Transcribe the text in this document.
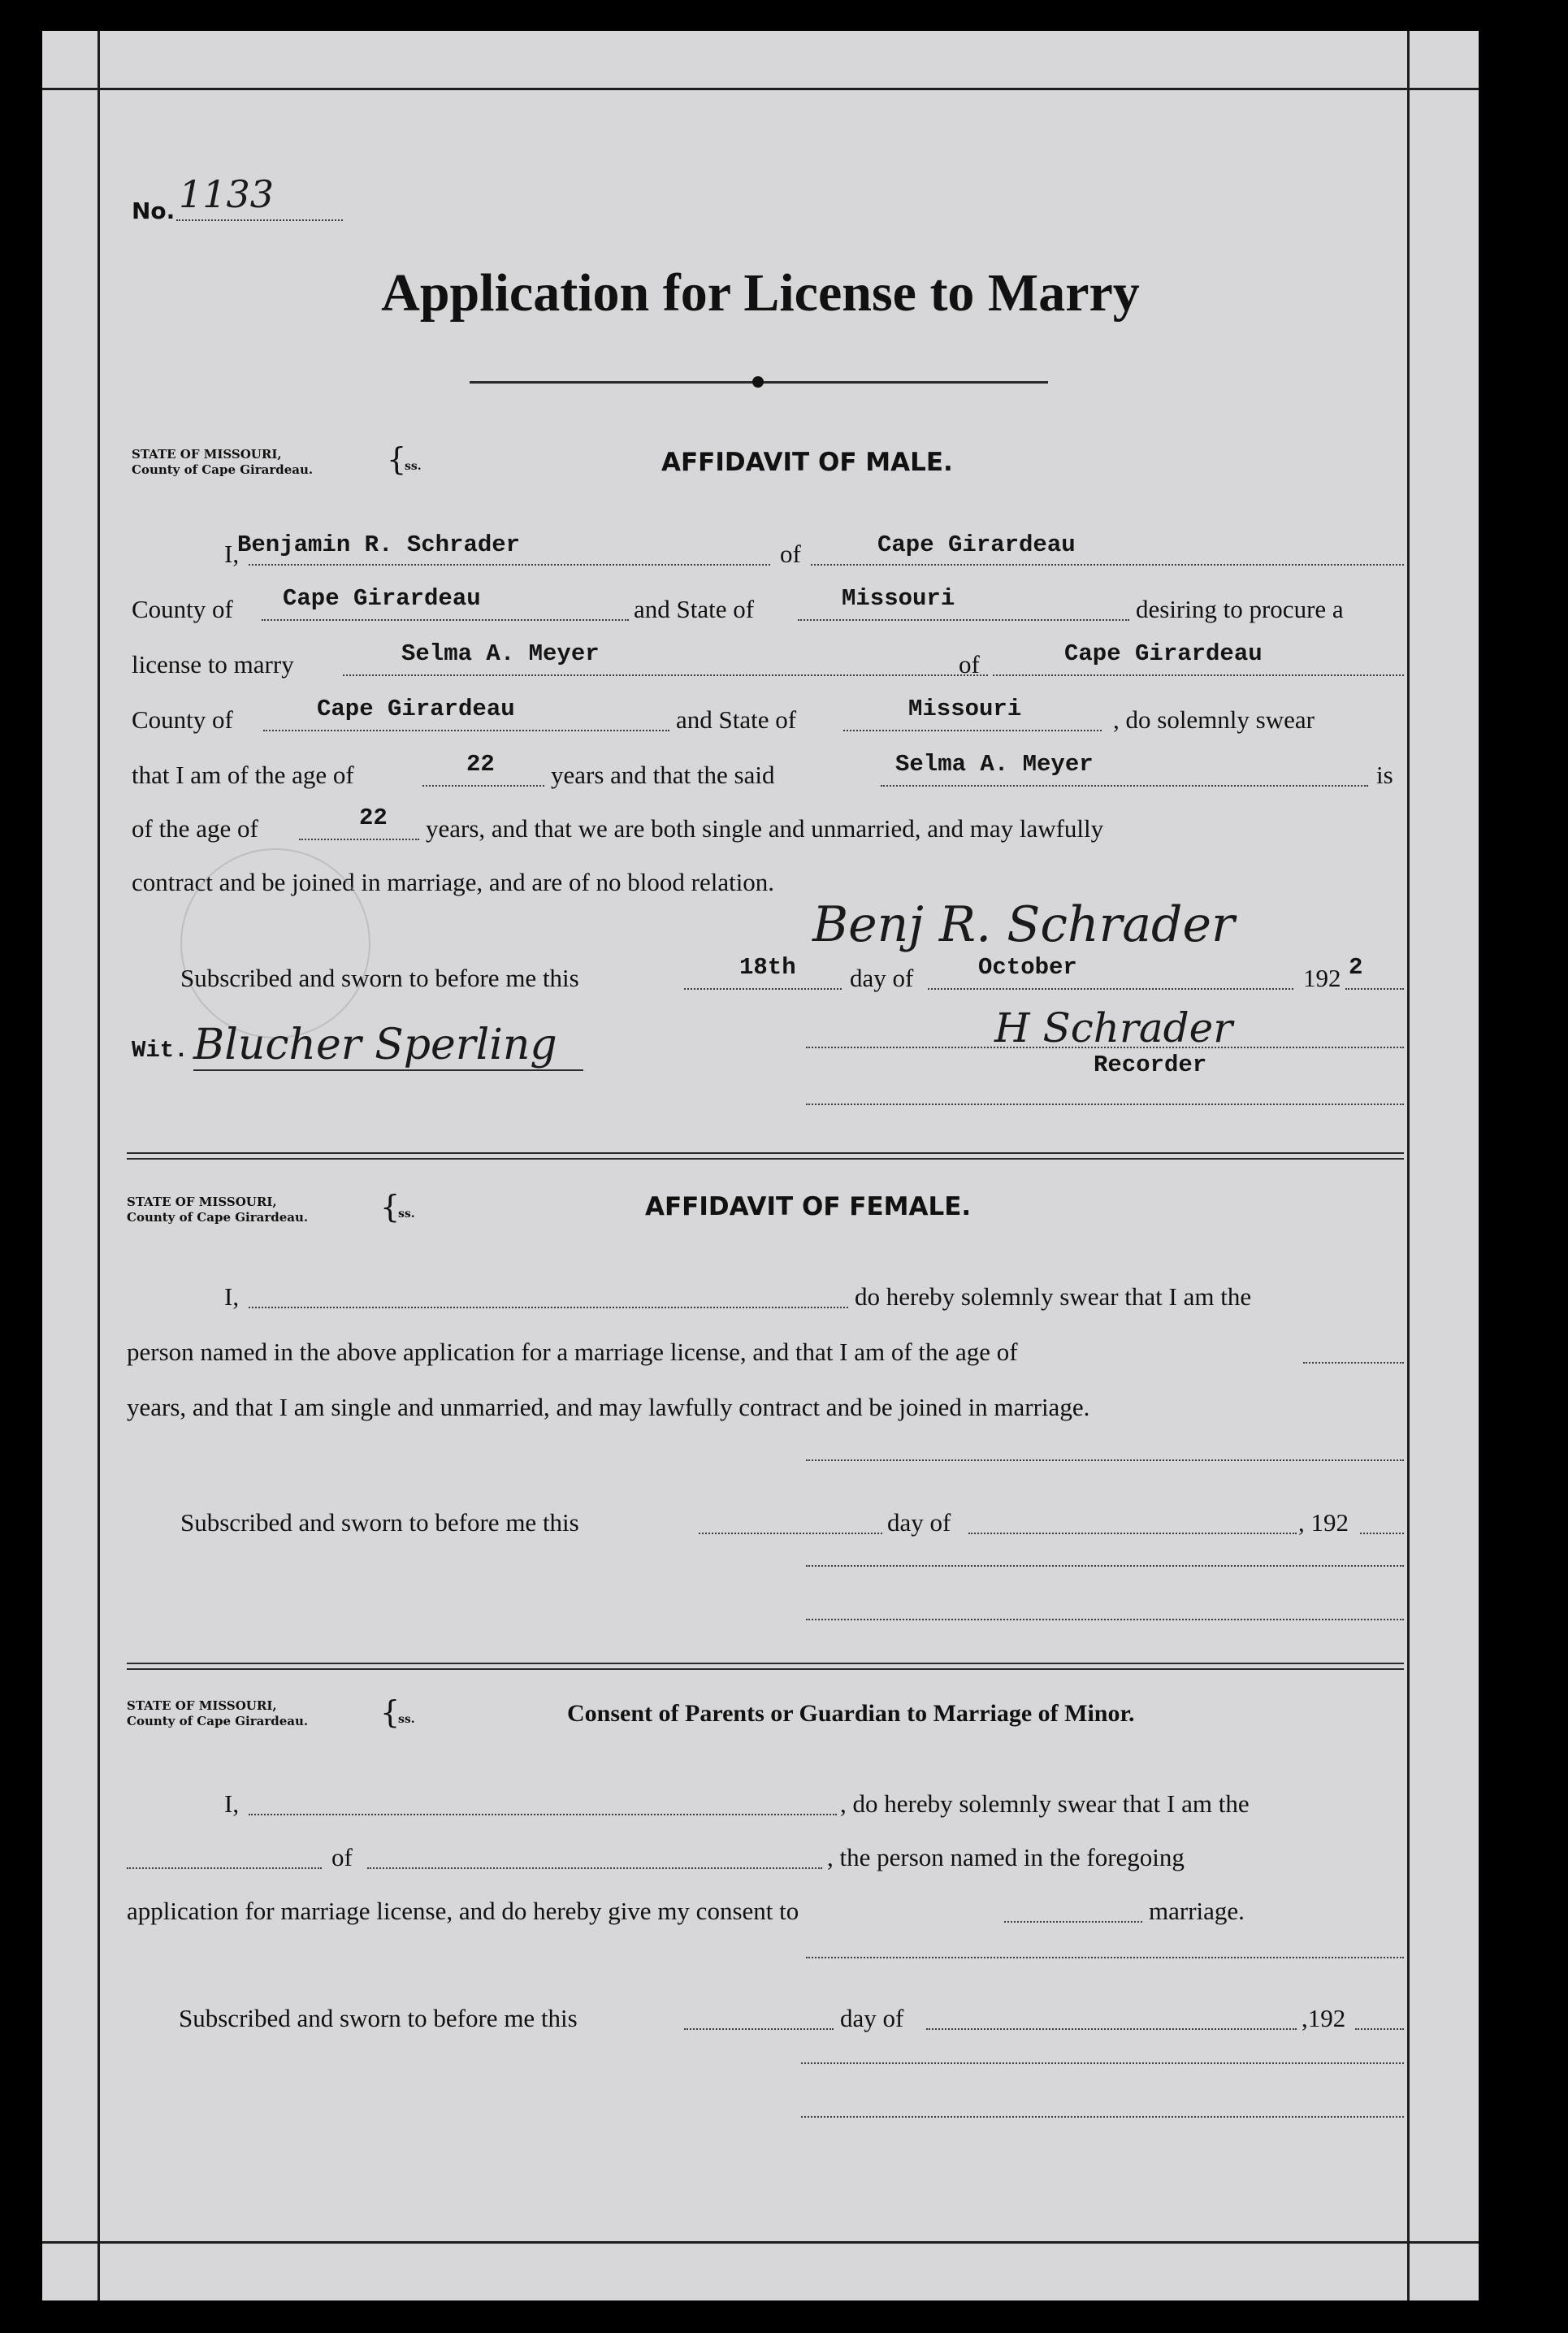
No. 1133
Application for License to Marry
STATE OF MISSOURI,
County of Cape Girardeau. {
ss.	AFFIDAVIT OF MALE.
I,
Benjamin R. Schrader	of	Cape Girardeau
County of Cape Girardeau	and State of	Missouri	desiring to procure a
license to marry	Selma A. Meyer	of	Cape Girardeau
County of	Cape Girardeau	and State of	Missouri	, do solemnly swear
that I am of the age of	22 years and that the said	Selma A. Meyer	is
of the age of	22 years, and that we are both single and unmarried, and may lawfully
contract and be joined in marriage, and are of no blood relation.
Benj R. Schrader
Subscribed and sworn to before me this	18th day of	October	192 2
Wit. Blucher Sperling	H Schrader
Recorder
STATE OF MISSOURI,
County of Cape Girardeau. {
ss.	AFFIDAVIT OF FEMALE.
I,	do hereby solemnly swear that I am the
person named in the above application for a marriage license, and that I am of the age of
years, and that I am single and unmarried, and may lawfully contract and be joined in marriage.
Subscribed and sworn to before me this	day of	, 192
STATE OF MISSOURI,
County of Cape Girardeau. {
ss.	Consent of Parents or Guardian to Marriage of Minor.
I,	, do hereby solemnly swear that I am the
of	, the person named in the foregoing
application for marriage license, and do hereby give my consent to	marriage.
Subscribed and sworn to before me this	day of	,192
